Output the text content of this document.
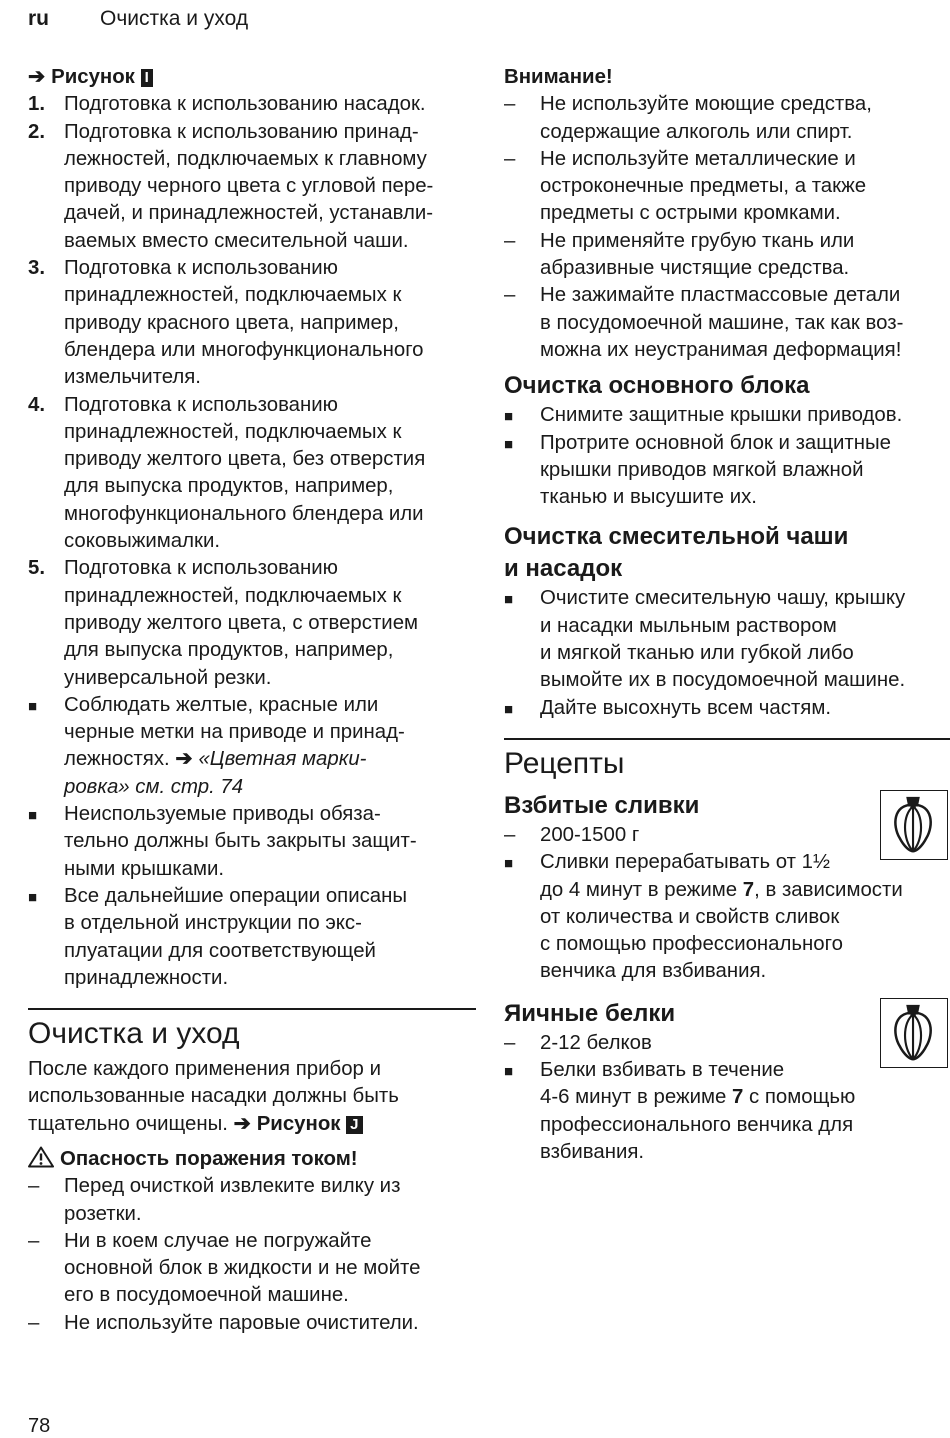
ru Очистка и уход
➔ Рисунок I
1. Подготовка к использованию насадок.
2. Подготовка к использованию принад-
лежностей, подключаемых к главному
приводу черного цвета с угловой пере-
дачей, и принадлежностей, устанавли-
ваемых вместо смесительной чаши.
3. Подготовка к использованию
принадлежностей, подключаемых к
приводу красного цвета, например,
блендера или многофункционального
измельчителя.
4. Подготовка к использованию
принадлежностей, подключаемых к
приводу желтого цвета, без отверстия
для выпуска продуктов, например,
многофункционального блендера или
соковыжималки.
5. Подготовка к использованию
принадлежностей, подключаемых к
приводу желтого цвета, с отверстием
для выпуска продуктов, например,
универсальной резки.
■ Соблюдать желтые, красные или
черные метки на приводе и принад-
лежностях. ➔ «Цветная марки-
ровка» см. стр. 74
■ Неиспользуемые приводы обяза-
тельно должны быть закрыты защит-
ными крышками.
■ Все дальнейшие операции описаны
в отдельной инструкции по экс-
плуатации для соответствующей
принадлежности.
Очистка и уход
После каждого применения прибор и
использованные насадки должны быть
тщательно очищены. ➔ Рисунок J
Опасность поражения током!
– Перед очисткой извлеките вилку из
розетки.
– Ни в коем случае не погружайте
основной блок в жидкости и не мойте
его в посудомоечной машине.
– Не используйте паровые очистители.
Внимание!
– Не используйте моющие средства,
содержащие алкоголь или спирт.
– Не используйте металлические и
остроконечные предметы, а также
предметы с острыми кромками.
– Не применяйте грубую ткань или
абразивные чистящие средства.
– Не зажимайте пластмассовые детали
в посудомоечной машине, так как воз-
можна их неустранимая деформация!
Очистка основного блока
■ Снимите защитные крышки приводов.
■ Протрите основной блок и защитные
крышки приводов мягкой влажной
тканью и высушите их.
Очистка смесительной чаши
и насадок
■ Очистите смесительную чашу, крышку
и насадки мыльным раствором
и мягкой тканью или губкой либо
вымойте их в посудомоечной машине.
■ Дайте высохнуть всем частям.
Рецепты
Взбитые сливки
– 200-1500 г
■ Сливки перерабатывать от 1½
до 4 минут в режиме 7, в зависимости
от количества и свойств сливок
с помощью профессионального
венчика для взбивания.
Яичные белки
– 2-12 белков
■ Белки взбивать в течение
4-6 минут в режиме 7 с помощью
профессионального венчика для
взбивания.
78
